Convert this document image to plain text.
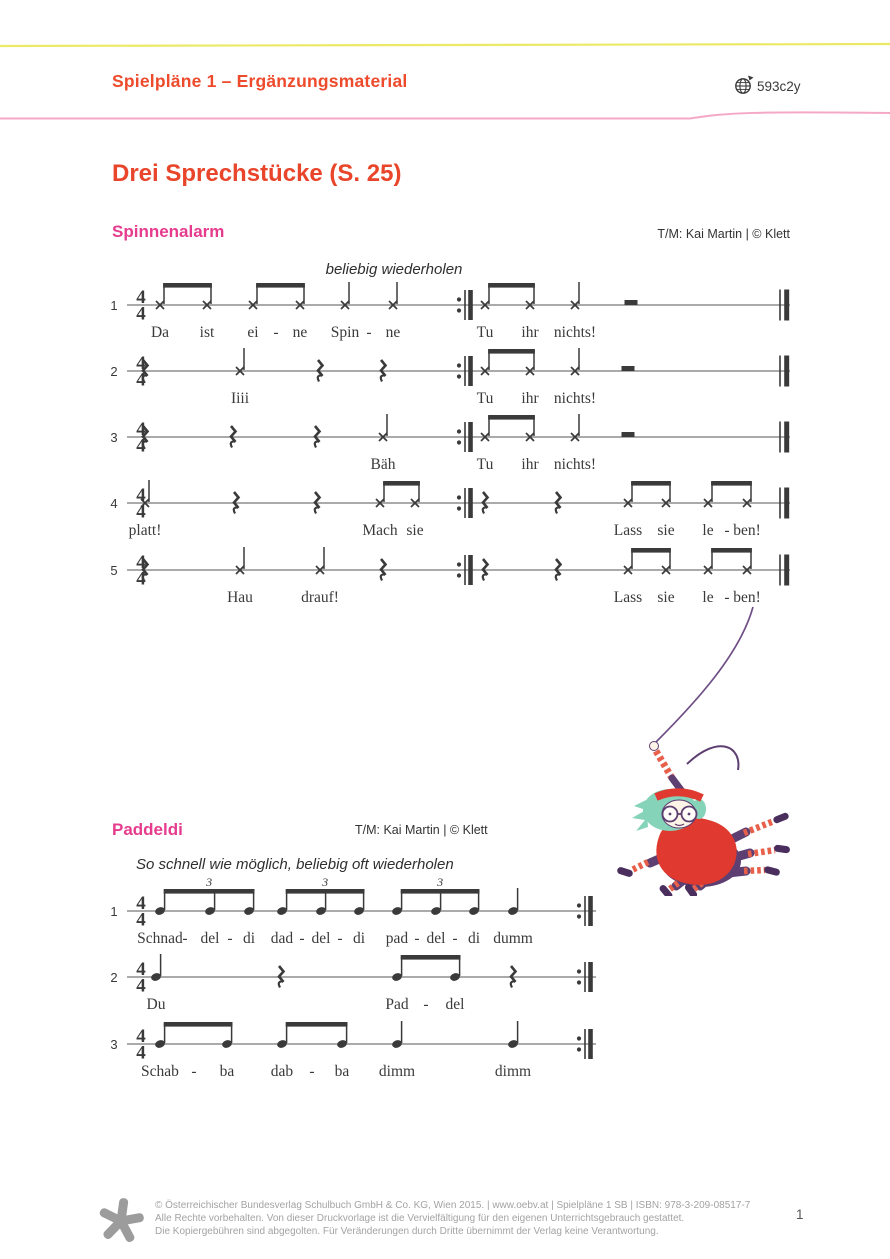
Spielpläne 1 – Ergänzungsmaterial	593c2y
Drei Sprechstücke (S. 25)
Spinnenalarm	T/M: Kai Martin | © Klett
beliebig wiederholen
1 4
4
Da ist ei - ne Spin - ne	Tu ihr nichts!
2 4
4
Iiii	Tu ihr nichts!
3 4
4
Bäh	Tu ihr nichts!
4 4
4
platt!	Mach sie	Lass sie le - ben!
5 4
4
Hau	drauf!	Lass sie le - ben!
Paddeldi	T/M: Kai Martin | © Klett
So schnell wie möglich, beliebig oft wiederholen
1 4
4
3	3	3
Schnad - del - di dad - del - di pad - del - di dumm
2 4
4
Du	Pad - del
3 4
4
Schab - ba dab - ba dimm	dimm
© Österreichischer Bundesverlag Schulbuch GmbH & Co. KG, Wien 2015. | www.oebv.at | Spielpläne 1 SB | ISBN: 978-3-209-08517-7
Alle Rechte vorbehalten. Von dieser Druckvorlage ist die Vervielfältigung für den eigenen Unterrichtsgebrauch gestattet.
Die Kopiergebühren sind abgegolten. Für Veränderungen durch Dritte übernimmt der Verlag keine Verantwortung.
1
